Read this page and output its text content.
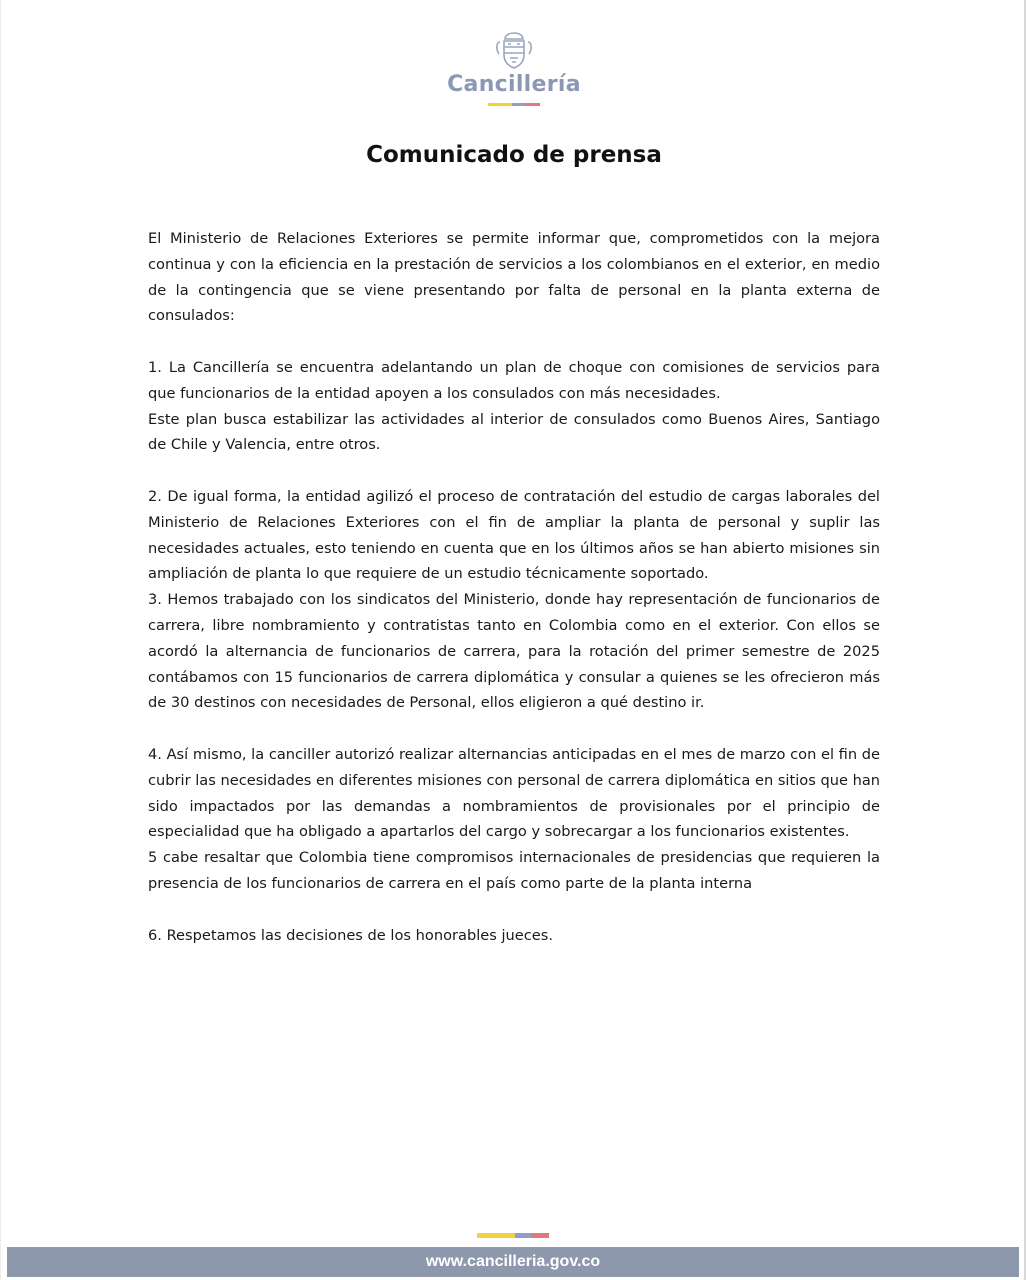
Cancillería
Comunicado de prensa

El Ministerio de Relaciones Exteriores se permite informar que, comprometidos con la mejora continua y con la eficiencia en la prestación de servicios a los colombianos en el exterior, en medio de la contingencia que se viene presentando por falta de personal en la planta externa de consulados:

1. La Cancillería se encuentra adelantando un plan de choque con comisiones de servicios para que funcionarios de la entidad apoyen a los consulados con más necesidades.

Este plan busca estabilizar las actividades al interior de consulados como Buenos Aires, Santiago de Chile y Valencia, entre otros.

2. De igual forma, la entidad agilizó el proceso de contratación del estudio de cargas laborales del Ministerio de Relaciones Exteriores con el fin de ampliar la planta de personal y suplir las necesidades actuales, esto teniendo en cuenta que en los últimos años se han abierto misiones sin ampliación de planta lo que requiere de un estudio técnicamente soportado.

3. Hemos trabajado con los sindicatos del Ministerio, donde hay representación de funcionarios de carrera, libre nombramiento y contratistas tanto en Colombia como en el exterior. Con ellos se acordó la alternancia de funcionarios de carrera, para la rotación del primer semestre de 2025 contábamos con 15 funcionarios de carrera diplomática y consular a quienes se les ofrecieron más de 30 destinos con necesidades de Personal, ellos eligieron a qué destino ir.

4. Así mismo, la canciller autorizó realizar alternancias anticipadas en el mes de marzo con el fin de cubrir las necesidades en diferentes misiones con personal de carrera diplomática en sitios que han sido impactados por las demandas a nombramientos de provisionales por el principio de especialidad que ha obligado a apartarlos del cargo y sobrecargar a los funcionarios existentes.

5 cabe resaltar que Colombia tiene compromisos internacionales de presidencias que requieren la presencia de los funcionarios de carrera en el país como parte de la planta interna

6. Respetamos las decisiones de los honorables jueces.

www.cancilleria.gov.co
